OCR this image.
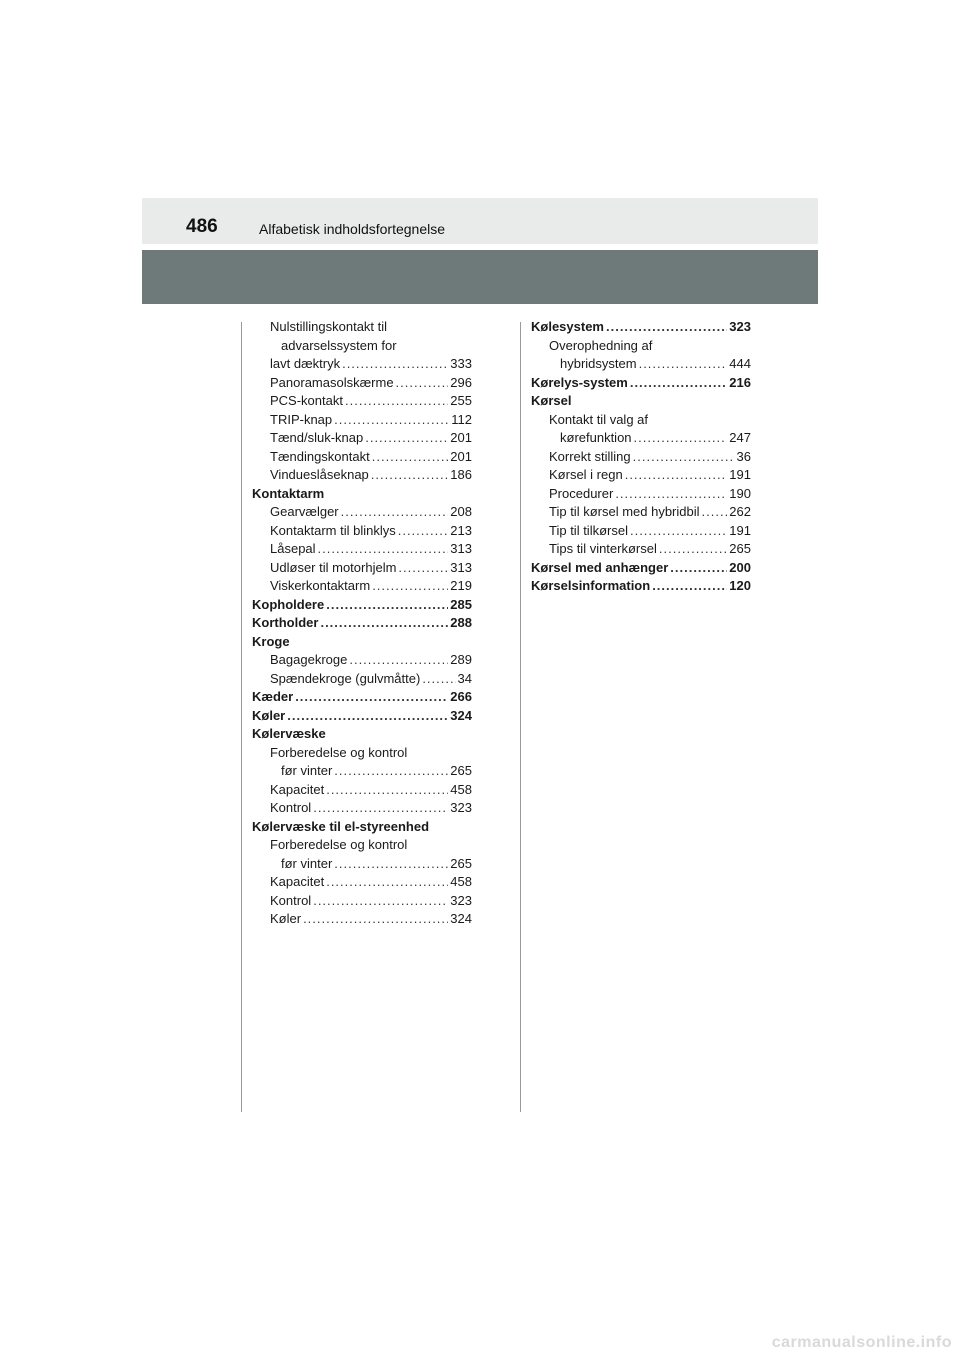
486	Alfabetisk indholdsfortegnelse
Nulstillingskontakt til
advarselssystem for
lavt dæktryk .....	333
Panoramasolskærme .....	296
PCS-kontakt .....	255
TRIP-knap .....	112
Tænd/sluk-knap .....	201
Tændingskontakt .....	201
Vindueslåseknap .....	186
Kontaktarm
Gearvælger .....	208
Kontaktarm til blinklys .....	213
Låsepal .....	313
Udløser til motorhjelm .....	313
Viskerkontaktarm .....	219
Kopholdere .....	285
Kortholder .....	288
Kroge
Bagagekroge .....	289
Spændekroge (gulvmåtte) .....	34
Kæder .....	266
Køler .....	324
Kølervæske
Forberedelse og kontrol
før vinter .....	265
Kapacitet .....	458
Kontrol .....	323
Kølervæske til el-styreenhed
Forberedelse og kontrol
før vinter .....	265
Kapacitet .....	458
Kontrol .....	323
Køler .....	324
Kølesystem .....	323
Overophedning af
hybridsystem .....	444
Kørelys-system .....	216
Kørsel
Kontakt til valg af
kørefunktion .....	247
Korrekt stilling .....	36
Kørsel i regn .....	191
Procedurer .....	190
Tip til kørsel med hybridbil ..... 262
Tip til tilkørsel .....	191
Tips til vinterkørsel .....	265
Kørsel med anhænger .....	200
Kørselsinformation .....	120
carmanualsonline.info
